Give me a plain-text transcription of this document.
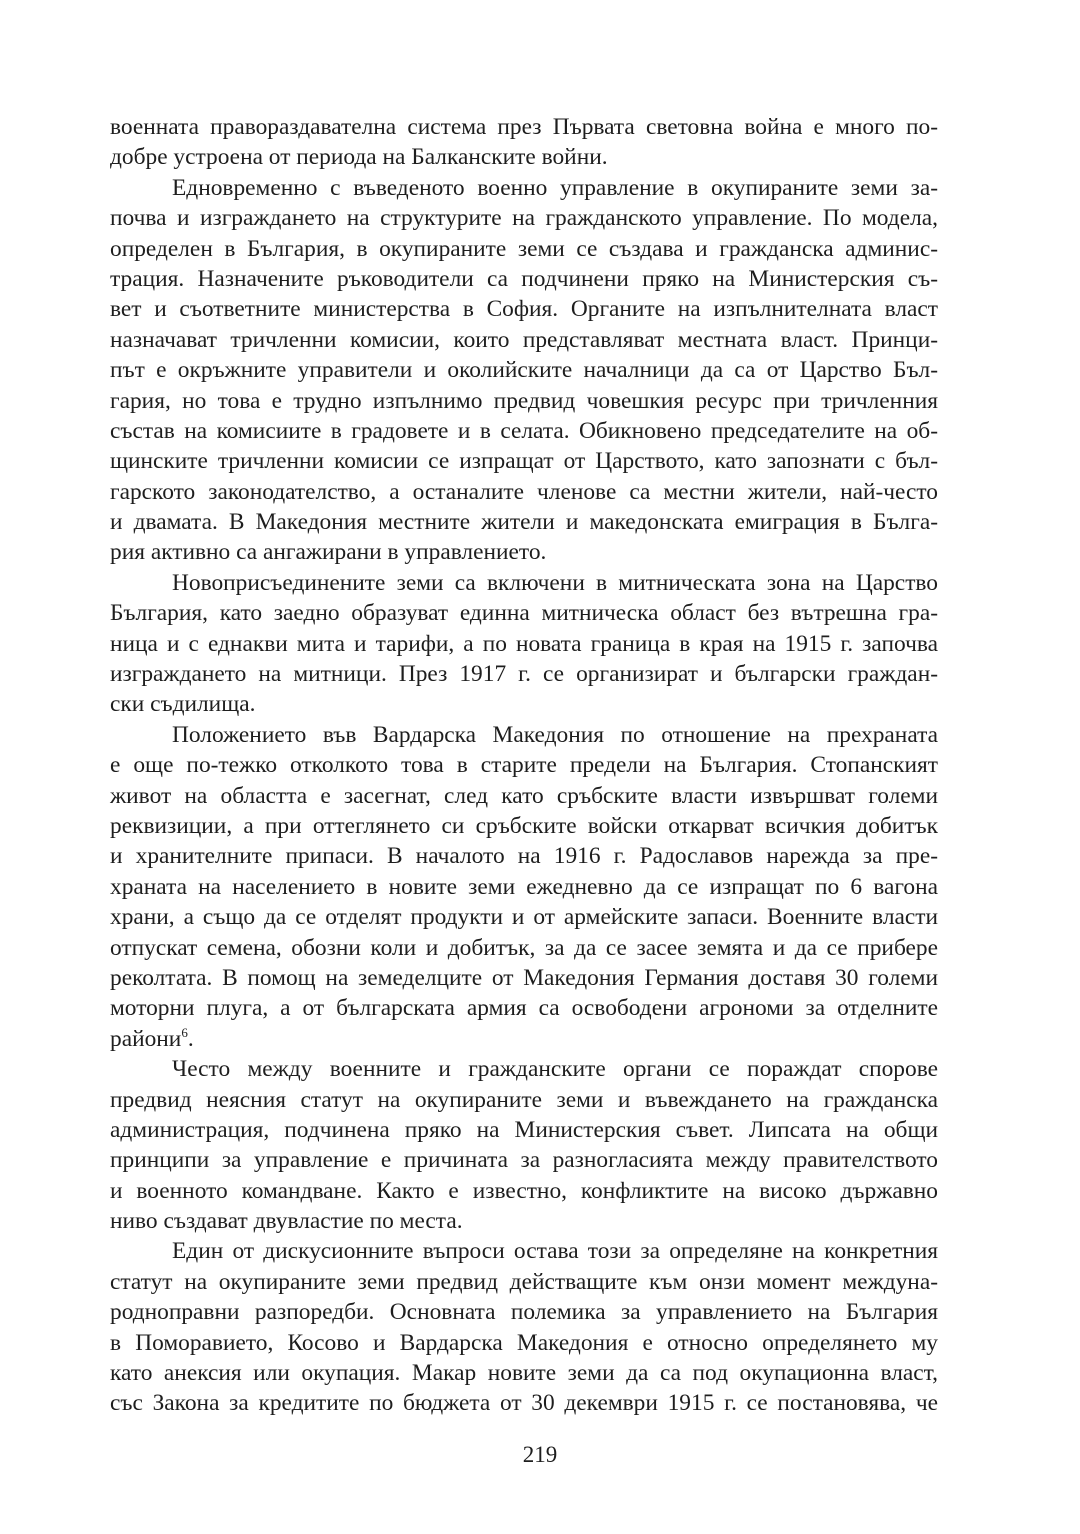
военната правораздавателна система през Първата световна война е много по-
добре устроена от периода на Балканските войни.
Едновременно с въведеното военно управление в окупираните земи за-
почва и изграждането на структурите на гражданското управление. По модела,
определен в България, в окупираните земи се създава и гражданска админис-
трация. Назначените ръководители са подчинени пряко на Министерския съ-
вет и съответните министерства в София. Органите на изпълнителната власт
назначават тричленни комисии, които представляват местната власт. Принци-
път е окръжните управители и околийските началници да са от Царство Бъл-
гария, но това е трудно изпълнимо предвид човешкия ресурс при тричленния
състав на комисиите в градовете и в селата. Обикновено председателите на об-
щинските тричленни комисии се изпращат от Царството, като запознати с бъл-
гарското законодателство, а останалите членове са местни жители, най-често
и двамата. В Македония местните жители и македонската емиграция в Бълга-
рия активно са ангажирани в управлението.
Новоприсъединените земи са включени в митническата зона на Царство
България, като заедно образуват единна митническа област без вътрешна гра-
ница и с еднакви мита и тарифи, а по новата граница в края на 1915 г. започва
изграждането на митници. През 1917 г. се организират и български граждан-
ски съдилища.
Положението във Вардарска Македония по отношение на прехраната
е още по-тежко отколкото това в старите предели на България. Стопанският
живот на областта е засегнат, след като сръбските власти извършват големи
реквизиции, а при оттеглянето си сръбските войски откарват всичкия добитък
и хранителните припаси. В началото на 1916 г. Радославов нарежда за пре-
храната на населението в новите земи ежедневно да се изпращат по 6 вагона
храни, а също да се отделят продукти и от армейските запаси. Военните власти
отпускат семена, обозни коли и добитък, за да се засее земята и да се прибере
реколтата. В помощ на земеделците от Македония Германия доставя 30 големи
моторни плуга, а от българската армия са освободени агрономи за отделните
райони$^6$.
Често между военните и гражданските органи се пораждат спорове
предвид неясния статут на окупираните земи и въвеждането на гражданска
администрация, подчинена пряко на Министерския съвет. Липсата на общи
принципи за управление е причината за разногласията между правителството
и военното командване. Както е известно, конфликтите на високо държавно
ниво създават двувластие по места.
Един от дискусионните въпроси остава този за определяне на конкретния
статут на окупираните земи предвид действащите към онзи момент междуна-
роднoправни разпоредби. Основната полемика за управлението на България
в Поморавието, Косово и Вардарска Македония е относно определянето му
като анексия или окупация. Макар новите земи да са под окупационна власт,
със Закона за кредитите по бюджета от 30 декември 1915 г. се постановява, че
219
